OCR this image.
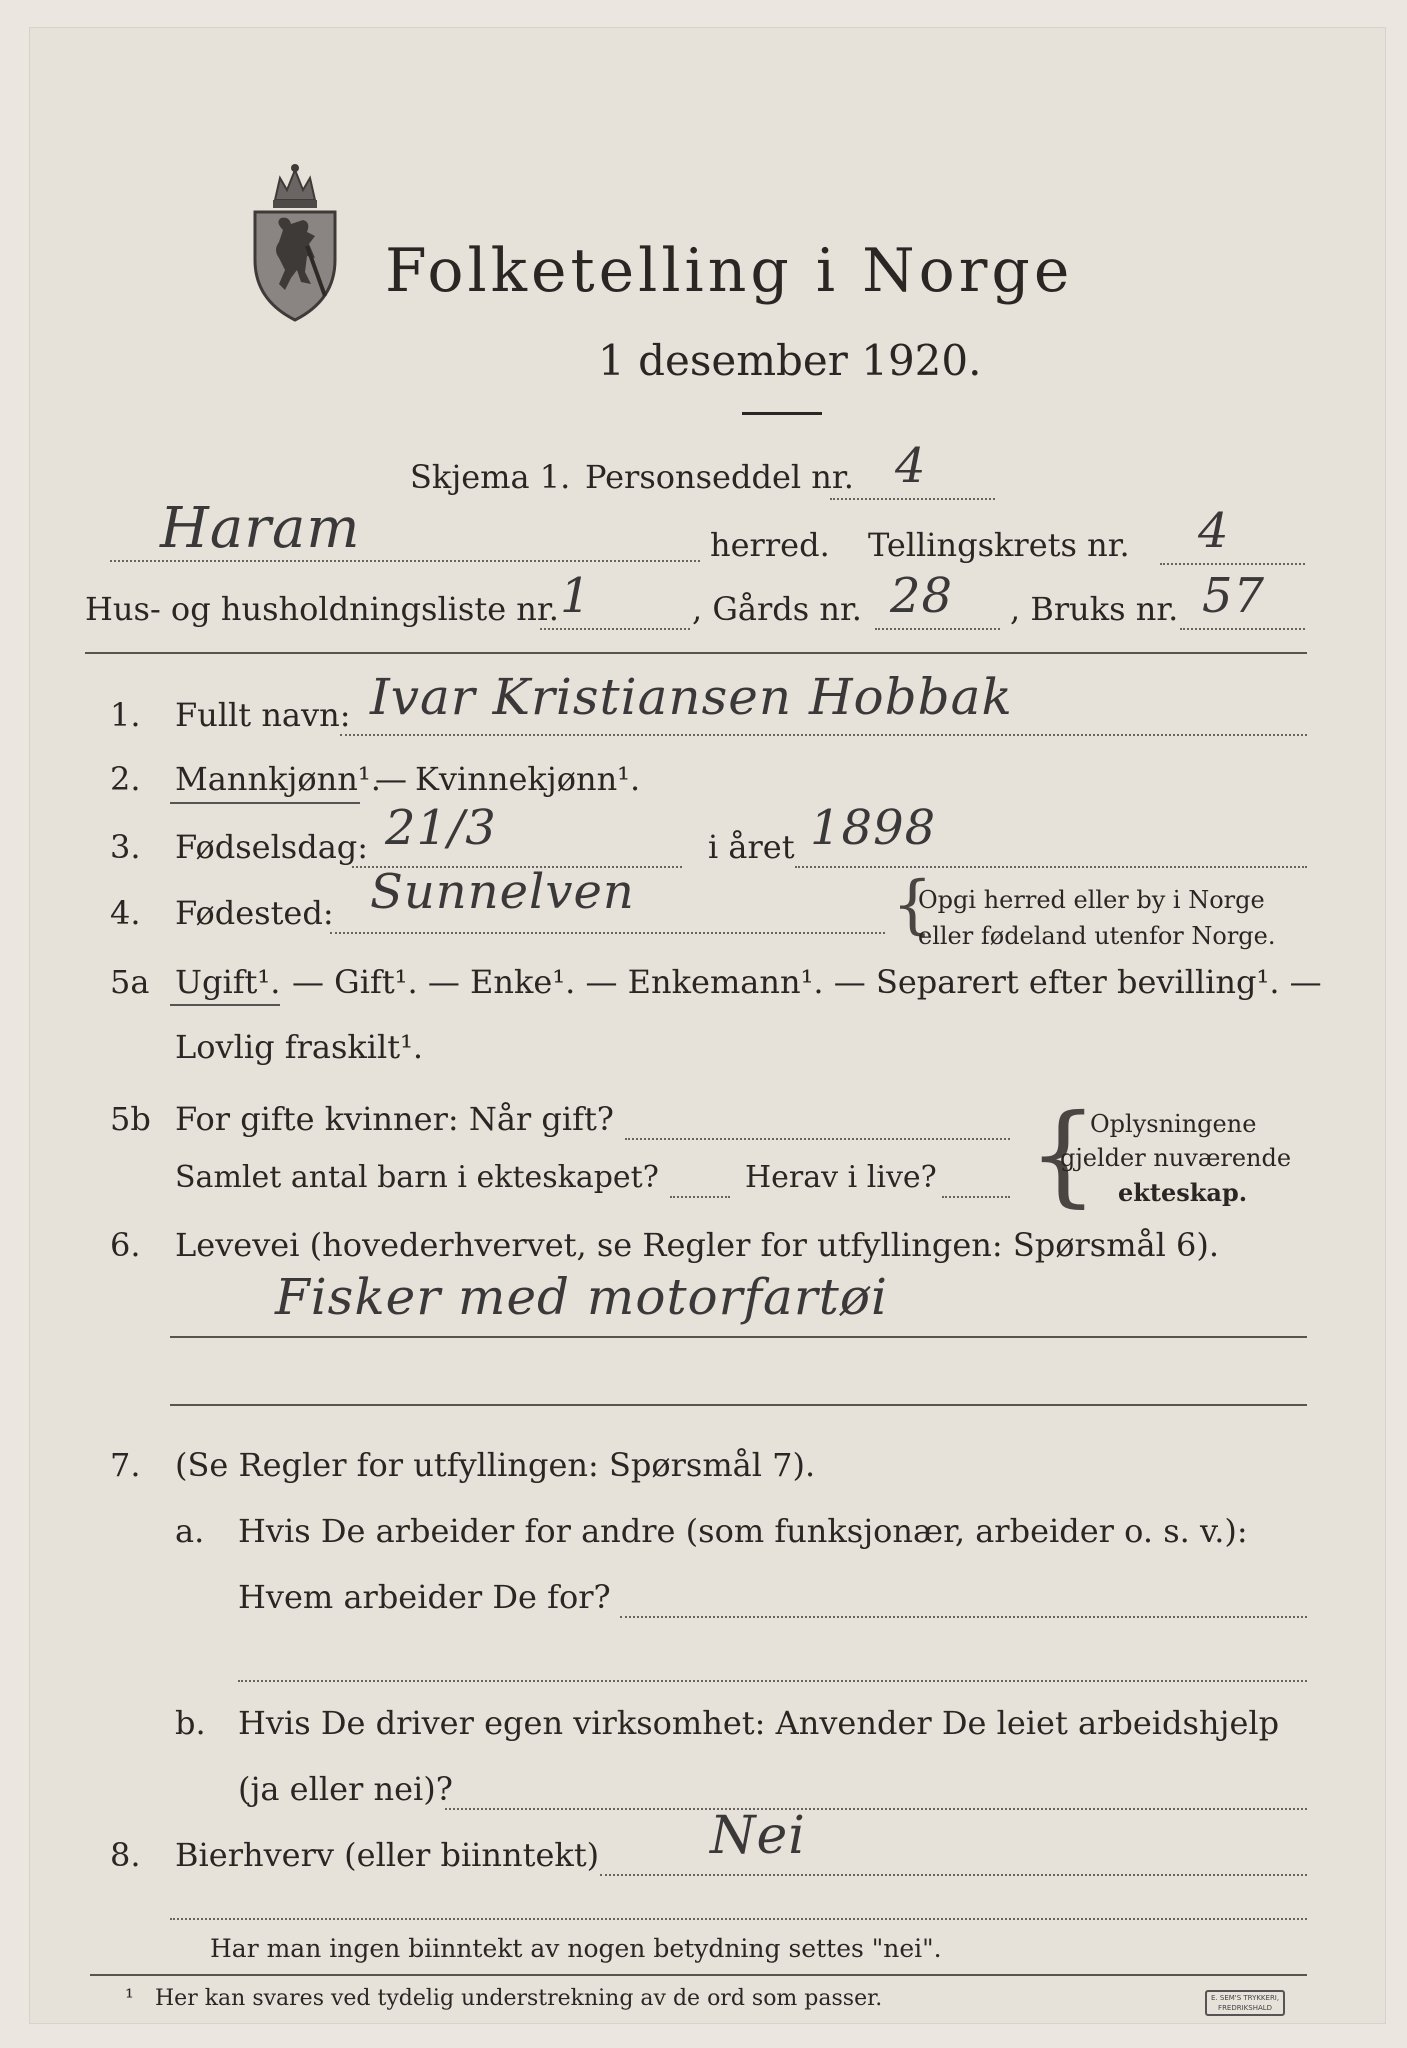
Folketelling i Norge
1 desember 1920.
Skjema 1. Personseddel nr. 4
Haram	herred. Tellingskrets nr. 4
Hus- og husholdningsliste nr. 1	, Gårds nr. 28 , Bruks nr. 57
1. Fullt navn: Ivar Kristiansen Hobbak
2. Mannkjønn¹.
— Kvinnekjønn¹.
3. Fødselsdag: 21/3	i året 1898
4. Fødested: Sunnelven	{
Opgi herred eller by i Norge
eller fødeland utenfor Norge.
5a Ugift¹. — Gift¹. — Enke¹. — Enkemann¹. — Separert efter bevilling¹. —
Lovlig fraskilt¹.
5b For gifte kvinner: Når gift?
Samlet antal barn i ekteskapet?	Herav i live? {
Oplysningene
gjelder nuværende
ekteskap.
6. Levevei (hovederhvervet, se Regler for utfyllingen: Spørsmål 6).
Fisker med motorfartøi
7. (Se Regler for utfyllingen: Spørsmål 7).
a. Hvis De arbeider for andre (som funksjonær, arbeider o. s. v.):
Hvem arbeider De for?
b. Hvis De driver egen virksomhet: Anvender De leiet arbeidshjelp
(ja eller nei)?
8. Bierhverv (eller biinntekt) Nei
Har man ingen biinntekt av nogen betydning settes "nei".
¹ Her kan svares ved tydelig understrekning av de ord som passer.	E. SEM'S TRYKKERI,
FREDRIKSHALD
